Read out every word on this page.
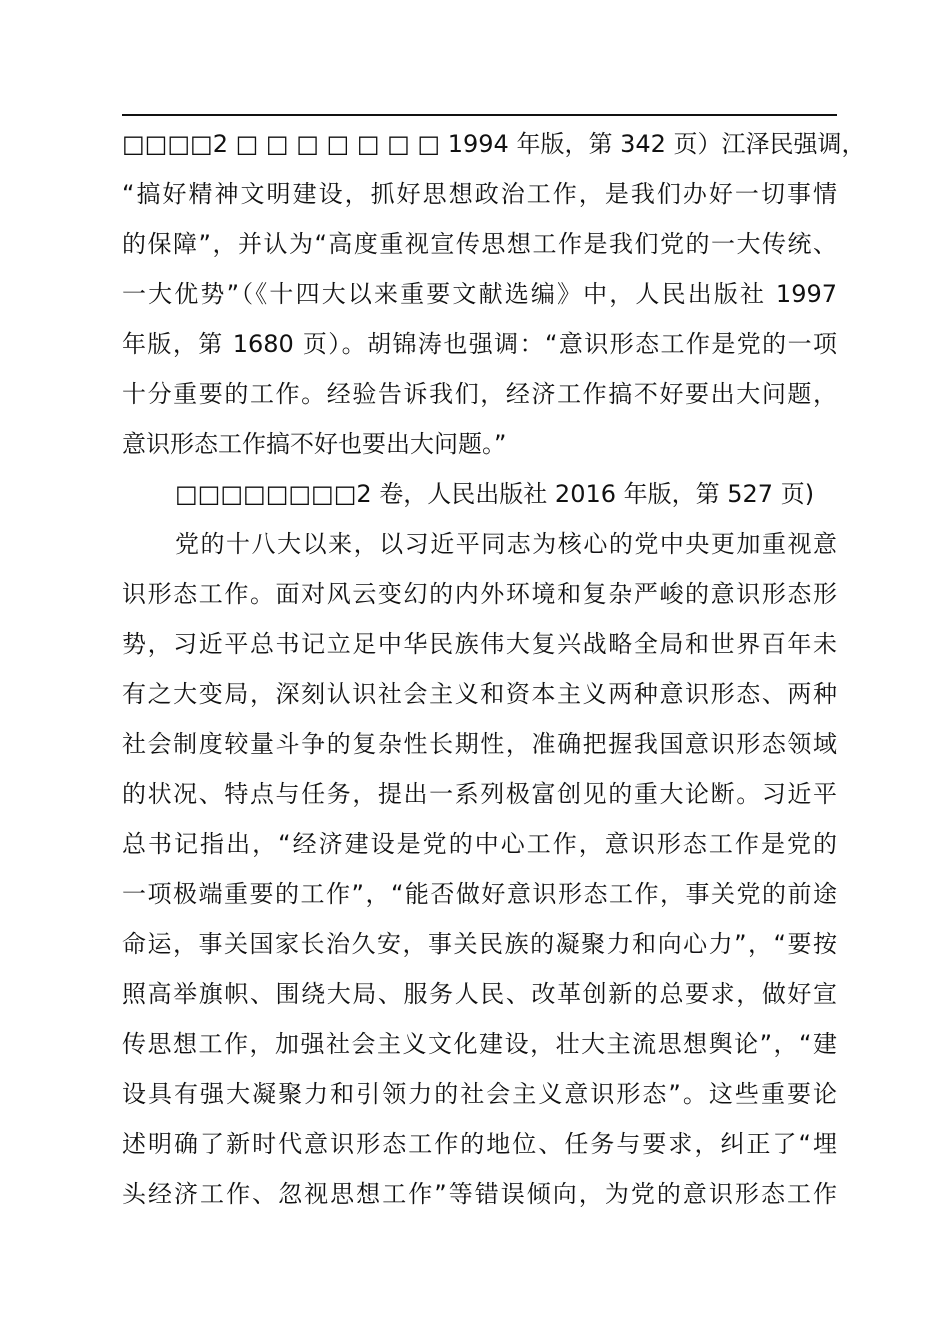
□□□□2 □ □ □ □ □ □ □ 1994 年版，第 342 页）江泽民强调，
“搞好精神文明建设，抓好思想政治工作，是我们办好一切事情
的保障”，并认为“高度重视宣传思想工作是我们党的一大传统、
一大优势”（《十四大以来重要文献选编》中，人民出版社 1997
年版，第 1680 页）。胡锦涛也强调：“意识形态工作是党的一项
十分重要的工作。经验告诉我们，经济工作搞不好要出大问题，
意识形态工作搞不好也要出大问题。”
□□□□□□□□2 卷，人民出版社 2016 年版，第 527 页)
党的十八大以来，以习近平同志为核心的党中央更加重视意
识形态工作。面对风云变幻的内外环境和复杂严峻的意识形态形
势，习近平总书记立足中华民族伟大复兴战略全局和世界百年未
有之大变局，深刻认识社会主义和资本主义两种意识形态、两种
社会制度较量斗争的复杂性长期性，准确把握我国意识形态领域
的状况、特点与任务，提出一系列极富创见的重大论断。习近平
总书记指出，“经济建设是党的中心工作，意识形态工作是党的
一项极端重要的工作”，“能否做好意识形态工作，事关党的前途
命运，事关国家长治久安，事关民族的凝聚力和向心力”，“要按
照高举旗帜、围绕大局、服务人民、改革创新的总要求，做好宣
传思想工作，加强社会主义文化建设，壮大主流思想舆论”，“建
设具有强大凝聚力和引领力的社会主义意识形态”。这些重要论
述明确了新时代意识形态工作的地位、任务与要求，纠正了“埋
头经济工作、忽视思想工作”等错误倾向，为党的意识形态工作
